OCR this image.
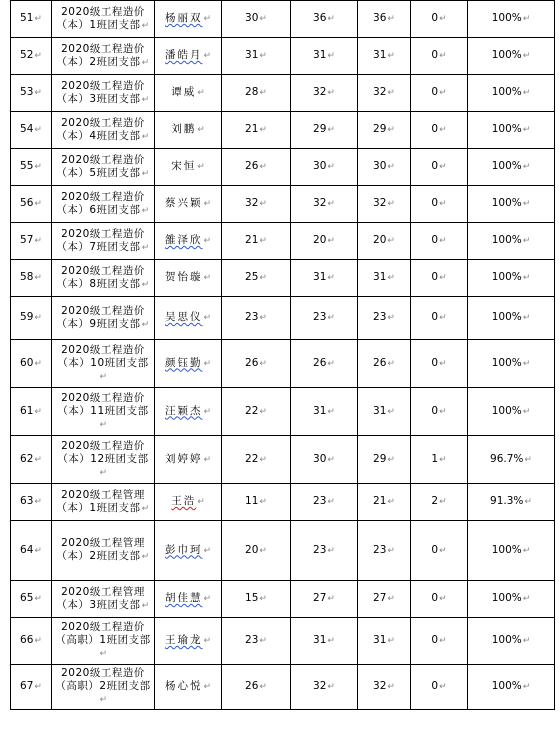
51↵	2020级工程造价（本）1班团支部↵	杨丽双↵	30↵	36↵	36↵	0↵	100%↵
52↵	2020级工程造价（本）2班团支部↵	潘皓月↵	31↵	31↵	31↵	0↵	100%↵
53↵	2020级工程造价（本）3班团支部↵	谭威↵	28↵	32↵	32↵	0↵	100%↵
54↵	2020级工程造价（本）4班团支部↵	刘鹏↵	21↵	29↵	29↵	0↵	100%↵
55↵	2020级工程造价（本）5班团支部↵	宋恒↵	26↵	30↵	30↵	0↵	100%↵
56↵	2020级工程造价（本）6班团支部↵	蔡兴颖↵	32↵	32↵	32↵	0↵	100%↵
57↵	2020级工程造价（本）7班团支部↵	雒泽欣↵	21↵	20↵	20↵	0↵	100%↵
58↵	2020级工程造价（本）8班团支部↵	贺怡璇↵	25↵	31↵	31↵	0↵	100%↵
59↵	2020级工程造价（本）9班团支部↵	吴思仪↵	23↵	23↵	23↵	0↵	100%↵
60↵	2020级工程造价（本）10班团支部↵	颜钰勤↵	26↵	26↵	26↵	0↵	100%↵
61↵	2020级工程造价（本）11班团支部↵	汪颖杰↵	22↵	31↵	31↵	0↵	100%↵
62↵	2020级工程造价（本）12班团支部↵	刘婷婷↵	22↵	30↵	29↵	1↵	96.7%↵
63↵	2020级工程管理（本）1班团支部↵	王浩↵	11↵	23↵	21↵	2↵	91.3%↵
64↵	2020级工程管理（本）2班团支部↵	彭巾珂↵	20↵	23↵	23↵	0↵	100%↵
65↵	2020级工程管理（本）3班团支部↵	胡佳慧↵	15↵	27↵	27↵	0↵	100%↵
66↵	2020级工程造价（高职）1班团支部↵	王瑜龙↵	23↵	31↵	31↵	0↵	100%↵
67↵	2020级工程造价（高职）2班团支部↵	杨心悦↵	26↵	32↵	32↵	0↵	100%↵
